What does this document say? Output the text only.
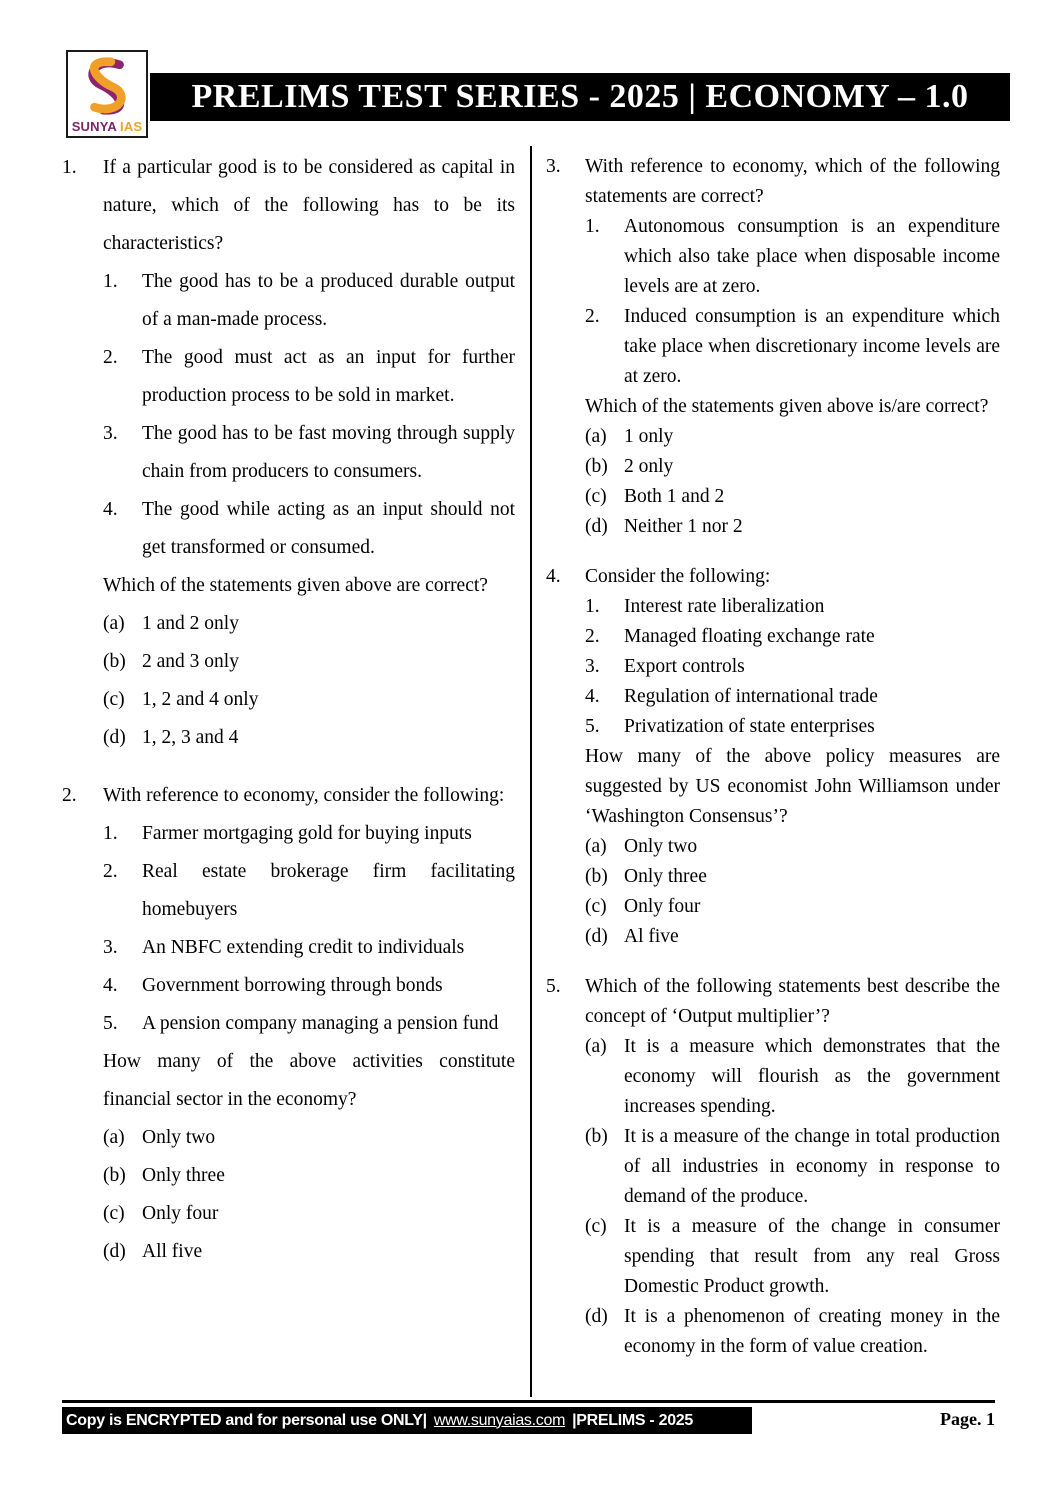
SUNYA IAS
PRELIMS TEST SERIES - 2025 | ECONOMY – 1.0
1.	If a particular good is to be considered as capital in nature, which of the following has to be its characteristics?
1.	The good has to be a produced durable output of a man-made process.
2.	The good must act as an input for further production process to be sold in market.
3.	The good has to be fast moving through supply chain from producers to consumers.
4.	The good while acting as an input should not get transformed or consumed.
Which of the statements given above are correct?
(a) 1 and 2 only
(b) 2 and 3 only
(c) 1, 2 and 4 only
(d) 1, 2, 3 and 4
2.	With reference to economy, consider the following:
1.	Farmer mortgaging gold for buying inputs
2.	Real estate brokerage firm facilitating homebuyers
3.	An NBFC extending credit to individuals
4.	Government borrowing through bonds
5.	A pension company managing a pension fund
How many of the above activities constitute financial sector in the economy?
(a) Only two
(b) Only three
(c) Only four
(d) All five
3.	With reference to economy, which of the following statements are correct?
1.	Autonomous consumption is an expenditure which also take place when disposable income levels are at zero.
2.	Induced consumption is an expenditure which take place when discretionary income levels are at zero.
Which of the statements given above is/are correct?
(a) 1 only
(b) 2 only
(c) Both 1 and 2
(d) Neither 1 nor 2
4.	Consider the following:
1.	Interest rate liberalization
2.	Managed floating exchange rate
3.	Export controls
4.	Regulation of international trade
5.	Privatization of state enterprises
How many of the above policy measures are suggested by US economist John Williamson under ‘Washington Consensus’?
(a) Only two
(b) Only three
(c) Only four
(d) Al five
5.	Which of the following statements best describe the concept of ‘Output multiplier’?
(a) It is a measure which demonstrates that the economy will flourish as the government increases spending.
(b) It is a measure of the change in total production of all industries in economy in response to demand of the produce.
(c) It is a measure of the change in consumer spending that result from any real Gross Domestic Product growth.
(d) It is a phenomenon of creating money in the economy in the form of value creation.
Copy is ENCRYPTED and for personal use ONLY| www.sunyaias.com |PRELIMS - 2025	Page. 1
